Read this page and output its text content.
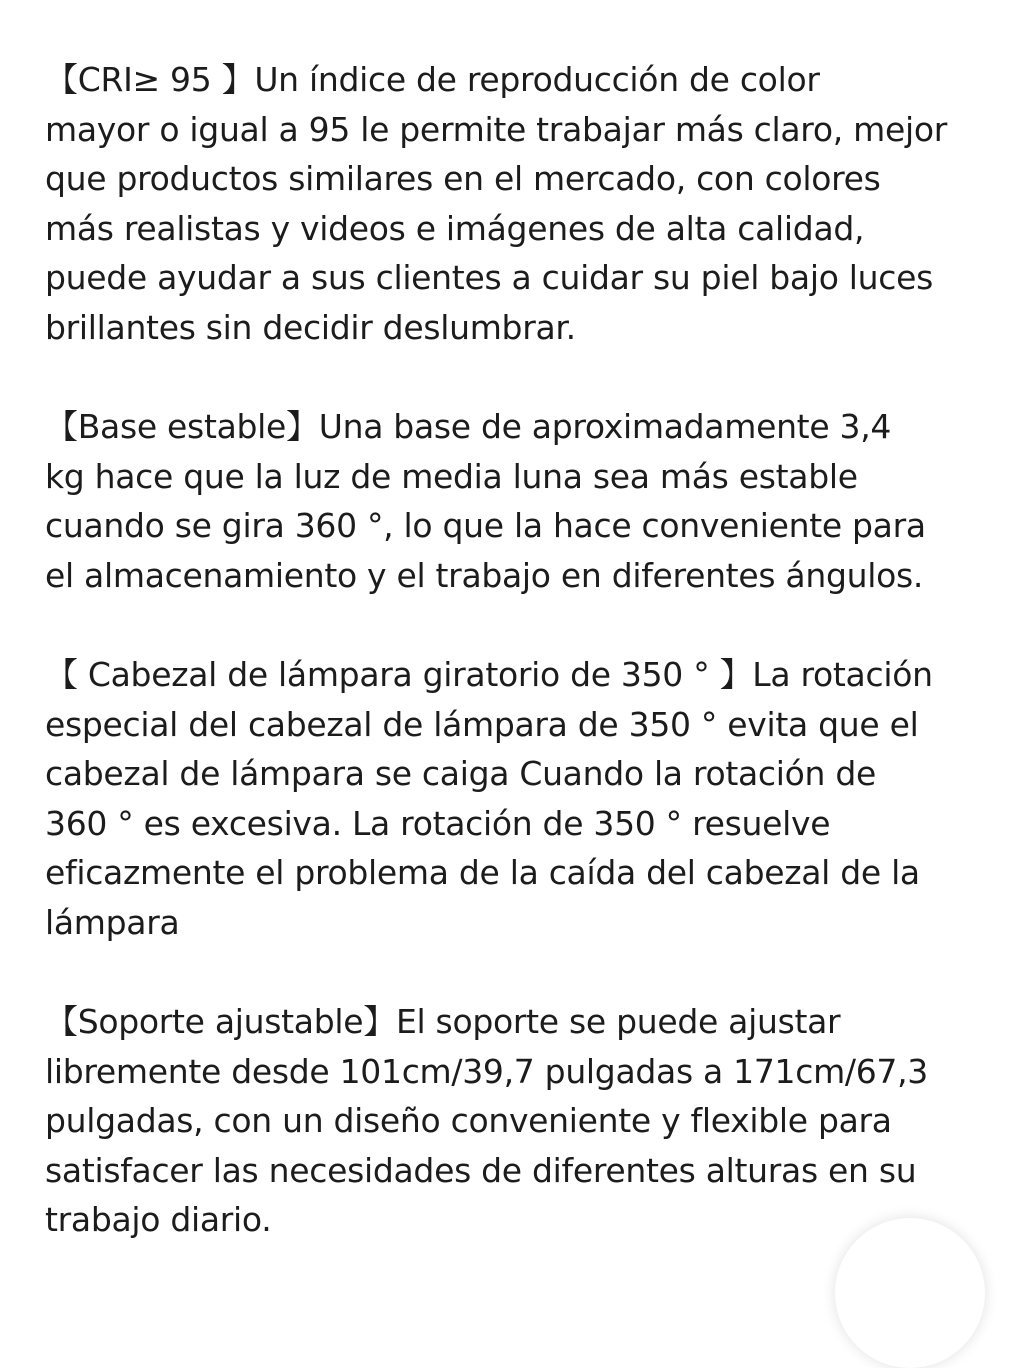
【CRI≥ 95 】Un índice de reproducción de color
mayor o igual a 95 le permite trabajar más claro, mejor
que productos similares en el mercado, con colores
más realistas y videos e imágenes de alta calidad,
puede ayudar a sus clientes a cuidar su piel bajo luces
brillantes sin decidir deslumbrar.

【Base estable】Una base de aproximadamente 3,4
kg hace que la luz de media luna sea más estable
cuando se gira 360 °, lo que la hace conveniente para
el almacenamiento y el trabajo en diferentes ángulos.

【 Cabezal de lámpara giratorio de 350 ° 】La rotación
especial del cabezal de lámpara de 350 ° evita que el
cabezal de lámpara se caiga Cuando la rotación de
360 ° es excesiva. La rotación de 350 ° resuelve
eficazmente el problema de la caída del cabezal de la
lámpara

【Soporte ajustable】El soporte se puede ajustar
libremente desde 101cm/39,7 pulgadas a 171cm/67,3
pulgadas, con un diseño conveniente y flexible para
satisfacer las necesidades de diferentes alturas en su
trabajo diario.
